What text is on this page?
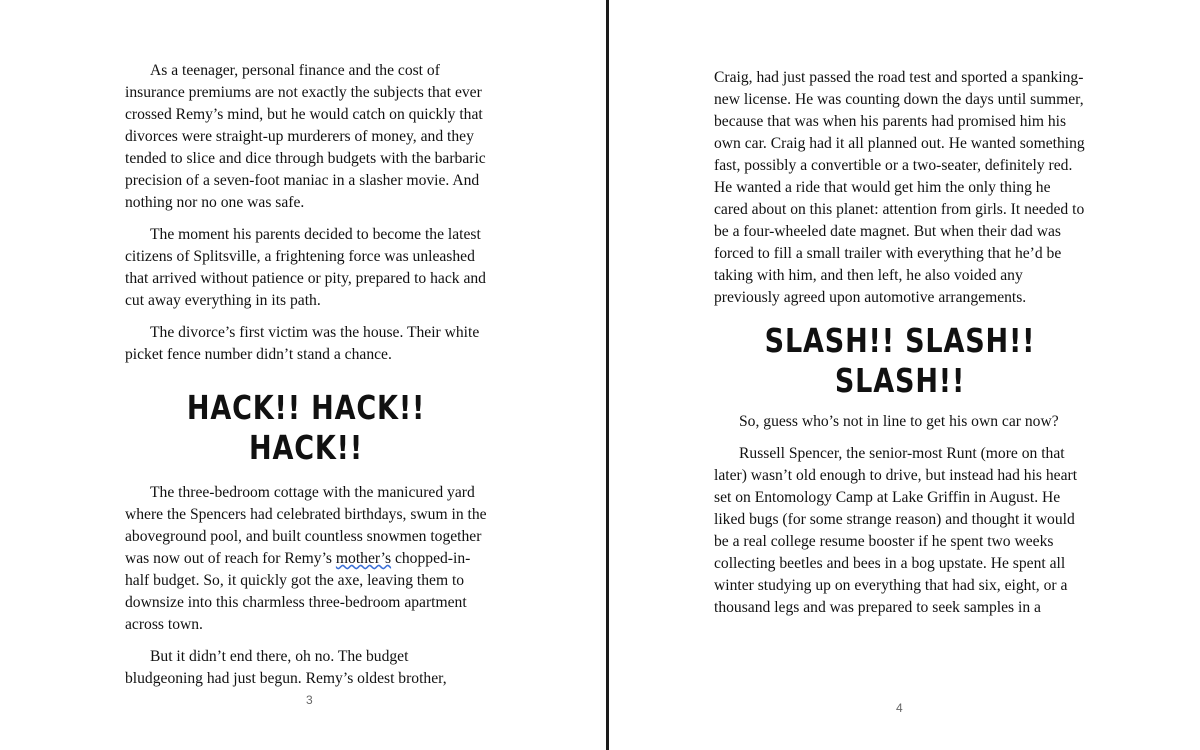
As a teenager, personal finance and the cost of insurance premiums are not exactly the subjects that ever crossed Remy’s mind, but he would catch on quickly that divorces were straight-up murderers of money, and they tended to slice and dice through budgets with the barbaric precision of a seven-foot maniac in a slasher movie. And nothing nor no one was safe.

The moment his parents decided to become the latest citizens of Splitsville, a frightening force was unleashed that arrived without patience or pity, prepared to hack and cut away everything in its path.

The divorce’s first victim was the house. Their white picket fence number didn’t stand a chance.

HACK!! HACK!! HACK!!

The three-bedroom cottage with the manicured yard where the Spencers had celebrated birthdays, swum in the aboveground pool, and built countless snowmen together was now out of reach for Remy’s mother’s chopped-in-half budget. So, it quickly got the axe, leaving them to downsize into this charmless three-bedroom apartment across town.

But it didn’t end there, oh no. The budget bludgeoning had just begun. Remy’s oldest brother,

3

Craig, had just passed the road test and sported a spanking-new license. He was counting down the days until summer, because that was when his parents had promised him his own car. Craig had it all planned out. He wanted something fast, possibly a convertible or a two-seater, definitely red. He wanted a ride that would get him the only thing he cared about on this planet: attention from girls. It needed to be a four-wheeled date magnet. But when their dad was forced to fill a small trailer with everything that he’d be taking with him, and then left, he also voided any previously agreed upon automotive arrangements.

SLASH!! SLASH!! SLASH!!

So, guess who’s not in line to get his own car now?

Russell Spencer, the senior-most Runt (more on that later) wasn’t old enough to drive, but instead had his heart set on Entomology Camp at Lake Griffin in August. He liked bugs (for some strange reason) and thought it would be a real college resume booster if he spent two weeks collecting beetles and bees in a bog upstate. He spent all winter studying up on everything that had six, eight, or a thousand legs and was prepared to seek samples in a

4
